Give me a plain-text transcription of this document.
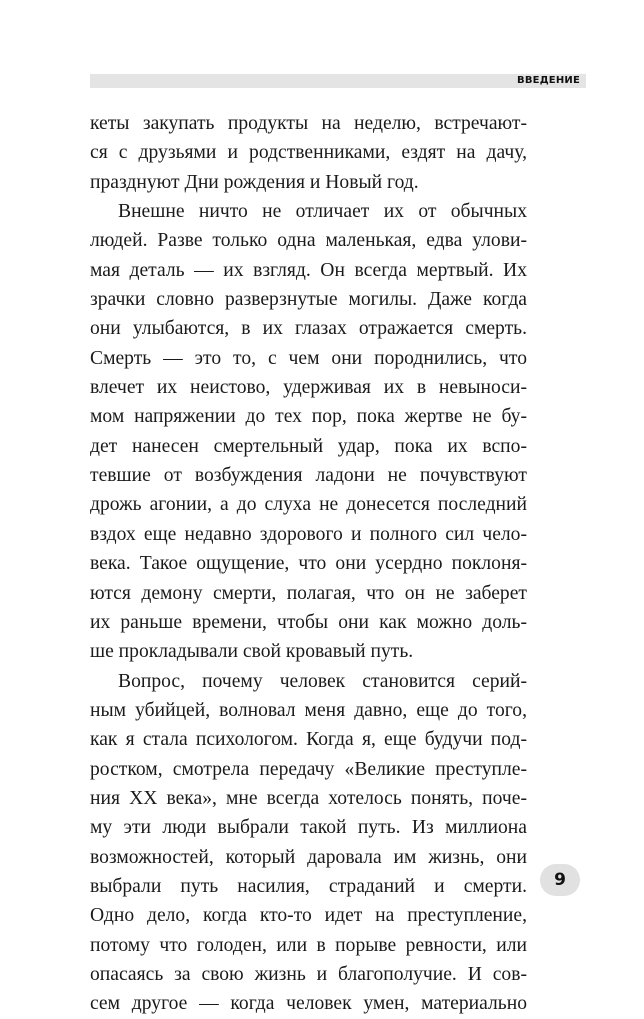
ВВЕДЕНИЕ
кеты закупать продукты на неделю, встречают-
ся с друзьями и родственниками, ездят на дачу,
празднуют Дни рождения и Новый год.
Внешне ничто не отличает их от обычных
людей. Разве только одна маленькая, едва улови-
мая деталь — их взгляд. Он всегда мертвый. Их
зрачки словно разверзнутые могилы. Даже когда
они улыбаются, в их глазах отражается смерть.
Смерть — это то, с чем они породнились, что
влечет их неистово, удерживая их в невыноси-
мом напряжении до тех пор, пока жертве не бу-
дет нанесен смертельный удар, пока их вспо-
тевшие от возбуждения ладони не почувствуют
дрожь агонии, а до слуха не донесется последний
вздох еще недавно здорового и полного сил чело-
века. Такое ощущение, что они усердно поклоня-
ются демону смерти, полагая, что он не заберет
их раньше времени, чтобы они как можно доль-
ше прокладывали свой кровавый путь.
Вопрос, почему человек становится серий-
ным убийцей, волновал меня давно, еще до того,
как я стала психологом. Когда я, еще будучи под-
ростком, смотрела передачу «Великие преступле-
ния XX века», мне всегда хотелось понять, поче-
му эти люди выбрали такой путь. Из миллиона
возможностей, который даровала им жизнь, они
выбрали путь насилия, страданий и смерти.
Одно дело, когда кто-то идет на преступление,
потому что голоден, или в порыве ревности, или
опасаясь за свою жизнь и благополучие. И сов-
сем другое — когда человек умен, материально
9
